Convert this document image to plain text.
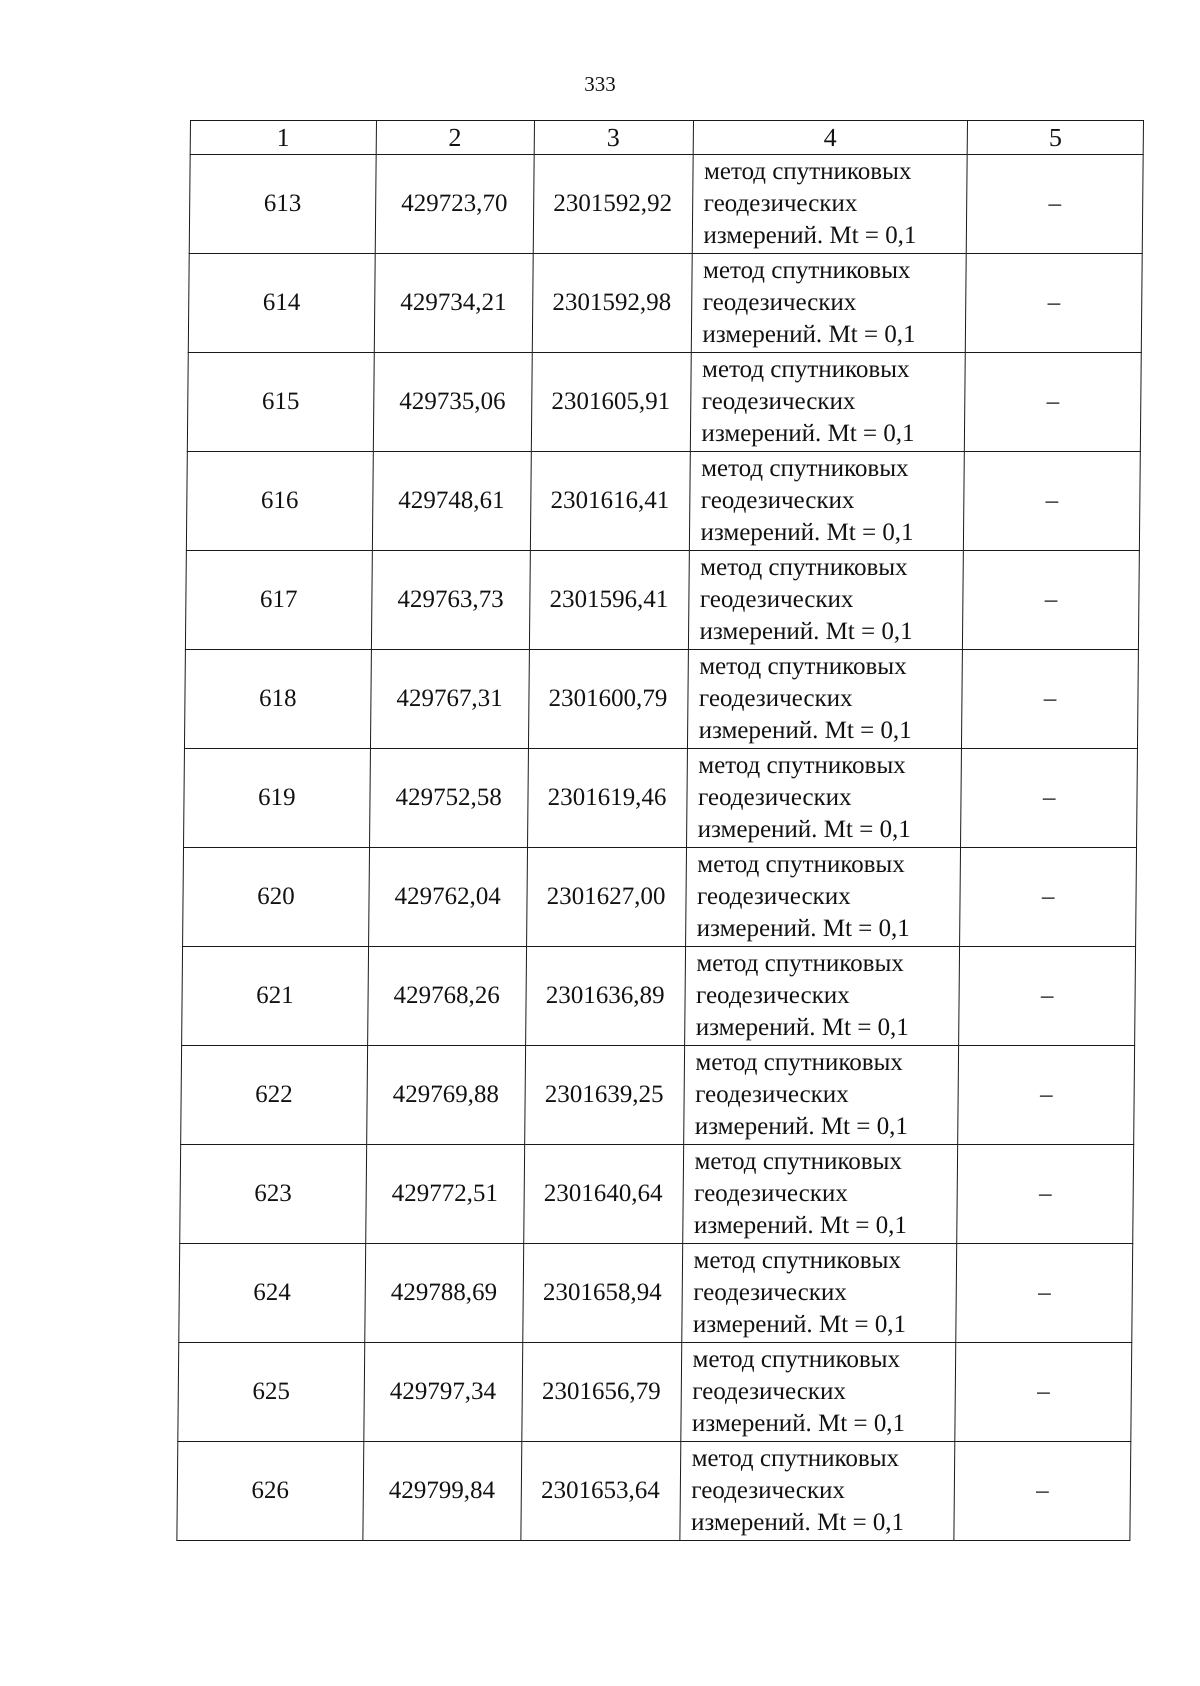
333
1	2	3	4	5
613	429723,70	2301592,92	метод спутниковых
геодезических
измерений. Mt = 0,1	–
614	429734,21	2301592,98	метод спутниковых
геодезических
измерений. Mt = 0,1	–
615	429735,06	2301605,91	метод спутниковых
геодезических
измерений. Mt = 0,1	–
616	429748,61	2301616,41	метод спутниковых
геодезических
измерений. Mt = 0,1	–
617	429763,73	2301596,41	метод спутниковых
геодезических
измерений. Mt = 0,1	–
618	429767,31	2301600,79	метод спутниковых
геодезических
измерений. Mt = 0,1	–
619	429752,58	2301619,46	метод спутниковых
геодезических
измерений. Mt = 0,1	–
620	429762,04	2301627,00	метод спутниковых
геодезических
измерений. Mt = 0,1	–
621	429768,26	2301636,89	метод спутниковых
геодезических
измерений. Mt = 0,1	–
622	429769,88	2301639,25	метод спутниковых
геодезических
измерений. Mt = 0,1	–
623	429772,51	2301640,64	метод спутниковых
геодезических
измерений. Mt = 0,1	–
624	429788,69	2301658,94	метод спутниковых
геодезических
измерений. Mt = 0,1	–
625	429797,34	2301656,79	метод спутниковых
геодезических
измерений. Mt = 0,1	–
626	429799,84	2301653,64	метод спутниковых
геодезических
измерений. Mt = 0,1	–
